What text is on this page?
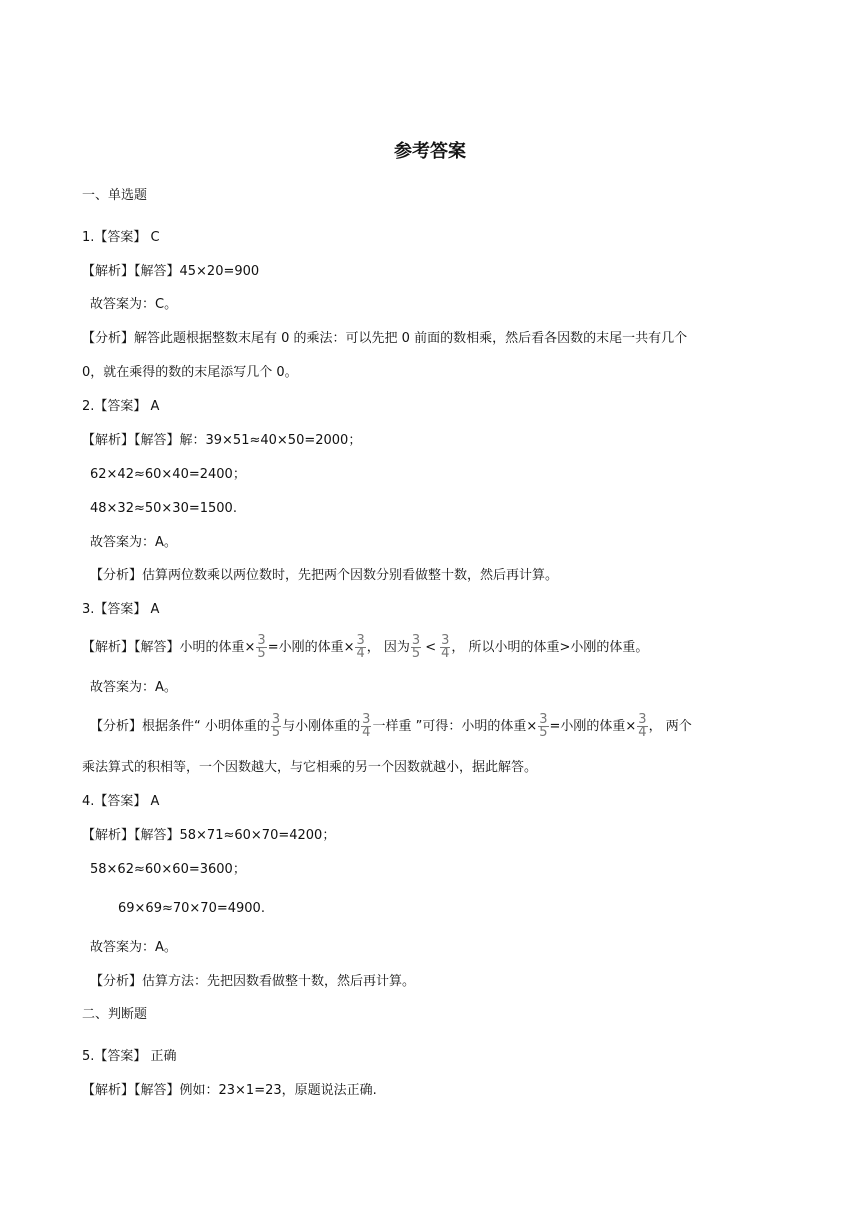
参考答案
一、单选题
1.【答案】 C
【解析】【解答】45×20=900
故答案为：C。
【分析】解答此题根据整数末尾有 0 的乘法：可以先把 0 前面的数相乘，然后看各因数的末尾一共有几个
0，就在乘得的数的末尾添写几个 0。
2.【答案】 A
【解析】【解答】解：39×51≈40×50=2000；
62×42≈60×40=2400；
48×32≈50×30=1500.
故答案为：A。
【分析】估算两位数乘以两位数时，先把两个因数分别看做整十数，然后再计算。
3.【答案】 A
【解析】【解答】小明的体重× $\frac{3}{5}$ =小刚的体重× $\frac{3}{4}$ ， 因为 $\frac{3}{5} < \frac{3}{4}$ ， 所以小明的体重>小刚的体重。
故答案为：A。
【分析】根据条件“ 小明体重的 $\frac{3}{5}$ 与小刚体重的 $\frac{3}{4}$ 一样重 ”可得：小明的体重× $\frac{3}{5}$ =小刚的体重× $\frac{3}{4}$ ， 两个
乘法算式的积相等，一个因数越大，与它相乘的另一个因数就越小，据此解答。
4.【答案】 A
【解析】【解答】58×71≈60×70=4200；
58×62≈60×60=3600；
69×69≈70×70=4900.
故答案为：A。
【分析】估算方法：先把因数看做整十数，然后再计算。
二、判断题
5.【答案】 正确
【解析】【解答】例如：23×1=23，原题说法正确.
